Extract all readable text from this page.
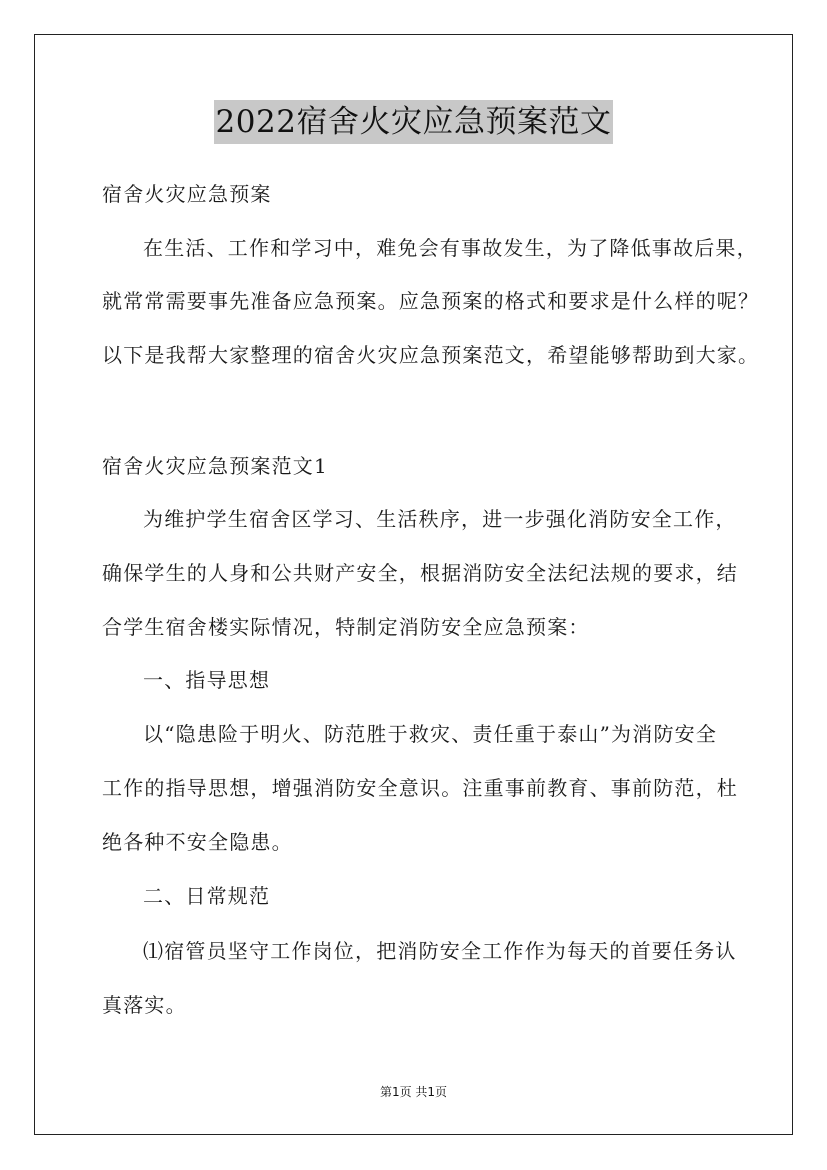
2022宿舍火灾应急预案范文
宿舍火灾应急预案
在生活、工作和学习中，难免会有事故发生，为了降低事故后果，
就常常需要事先准备应急预案。应急预案的格式和要求是什么样的呢？
以下是我帮大家整理的宿舍火灾应急预案范文，希望能够帮助到大家。
宿舍火灾应急预案范文1
为维护学生宿舍区学习、生活秩序，进一步强化消防安全工作，
确保学生的人身和公共财产安全，根据消防安全法纪法规的要求，结
合学生宿舍楼实际情况，特制定消防安全应急预案：
一、指导思想
以“隐患险于明火、防范胜于救灾、责任重于泰山”为消防安全
工作的指导思想，增强消防安全意识。注重事前教育、事前防范，杜
绝各种不安全隐患。
二、日常规范
⑴宿管员坚守工作岗位，把消防安全工作作为每天的首要任务认
真落实。
第1页 共1页
